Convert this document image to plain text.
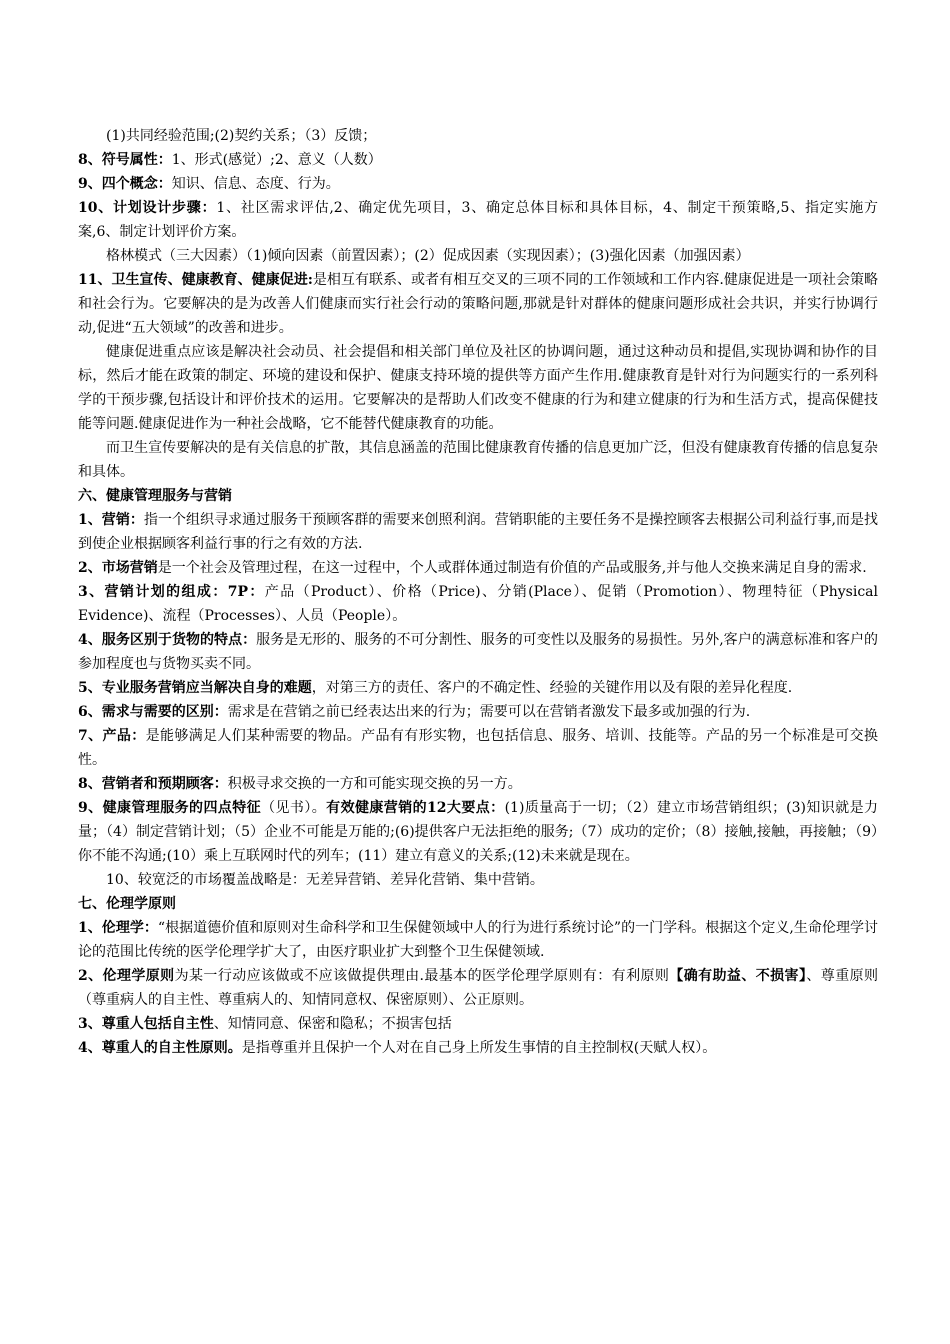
(1)共同经验范围;(2)契约关系；（3）反馈；

8、符号属性：1、形式(感觉）;2、意义（人数）

9、四个概念：知识、信息、态度、行为。

10、计划设计步骤：1、社区需求评估,2、确定优先项目，3、确定总体目标和具体目标，4、制定干预策略,5、指定实施方案,6、制定计划评价方案。

格林模式（三大因素）（1)倾向因素（前置因素）；(2）促成因素（实现因素）；(3)强化因素（加强因素）

11、卫生宣传、健康教育、健康促进:是相互有联系、或者有相互交叉的三项不同的工作领域和工作内容.健康促进是一项社会策略和社会行为。它要解决的是为改善人们健康而实行社会行动的策略问题,那就是针对群体的健康问题形成社会共识，并实行协调行动,促进“五大领域”的改善和进步。

健康促进重点应该是解决社会动员、社会提倡和相关部门单位及社区的协调问题，通过这种动员和提倡,实现协调和协作的目标，然后才能在政策的制定、环境的建设和保护、健康支持环境的提供等方面产生作用.健康教育是针对行为问题实行的一系列科学的干预步骤,包括设计和评价技术的运用。它要解决的是帮助人们改变不健康的行为和建立健康的行为和生活方式，提高保健技能等问题.健康促进作为一种社会战略，它不能替代健康教育的功能。

而卫生宣传要解决的是有关信息的扩散，其信息涵盖的范围比健康教育传播的信息更加广泛，但没有健康教育传播的信息复杂和具体。

六、健康管理服务与营销

1、营销：指一个组织寻求通过服务干预顾客群的需要来创照利润。营销职能的主要任务不是操控顾客去根据公司利益行事,而是找到使企业根据顾客利益行事的行之有效的方法.

2、市场营销是一个社会及管理过程，在这一过程中，个人或群体通过制造有价值的产品或服务,并与他人交换来满足自身的需求.

3、营销计划的组成：7P：产品（Product）、价格（Price)、分销(Place）、促销（Promotion）、物理特征（Physical Evidence)、流程（Processes）、人员（People）。

4、服务区别于货物的特点：服务是无形的、服务的不可分割性、服务的可变性以及服务的易损性。另外,客户的满意标准和客户的参加程度也与货物买卖不同。

5、专业服务营销应当解决自身的难题，对第三方的责任、客户的不确定性、经验的关键作用以及有限的差异化程度.

6、需求与需要的区别：需求是在营销之前已经表达出来的行为；需要可以在营销者激发下最多或加强的行为.

7、产品：是能够满足人们某种需要的物品。产品有有形实物，也包括信息、服务、培训、技能等。产品的另一个标准是可交换性。

8、营销者和预期顾客：积极寻求交换的一方和可能实现交换的另一方。

9、健康管理服务的四点特征（见书）。有效健康营销的12大要点：(1)质量高于一切；（2）建立市场营销组织；(3)知识就是力量；（4）制定营销计划；（5）企业不可能是万能的;(6)提供客户无法拒绝的服务;（7）成功的定价；（8）接触,接触，再接触；（9）你不能不沟通;(10）乘上互联网时代的列车；(11）建立有意义的关系;(12)未来就是现在。

10、较宽泛的市场覆盖战略是：无差异营销、差异化营销、集中营销。

七、伦理学原则

1、伦理学：“根据道德价值和原则对生命科学和卫生保健领域中人的行为进行系统讨论”的一门学科。根据这个定义,生命伦理学讨论的范围比传统的医学伦理学扩大了，由医疗职业扩大到整个卫生保健领域.

2、伦理学原则为某一行动应该做或不应该做提供理由.最基本的医学伦理学原则有：有利原则【确有助益、不损害】、尊重原则（尊重病人的自主性、尊重病人的、知情同意权、保密原则）、公正原则。

3、尊重人包括自主性、知情同意、保密和隐私；不损害包括

4、尊重人的自主性原则。是指尊重并且保护一个人对在自己身上所发生事情的自主控制权(天赋人权）。
